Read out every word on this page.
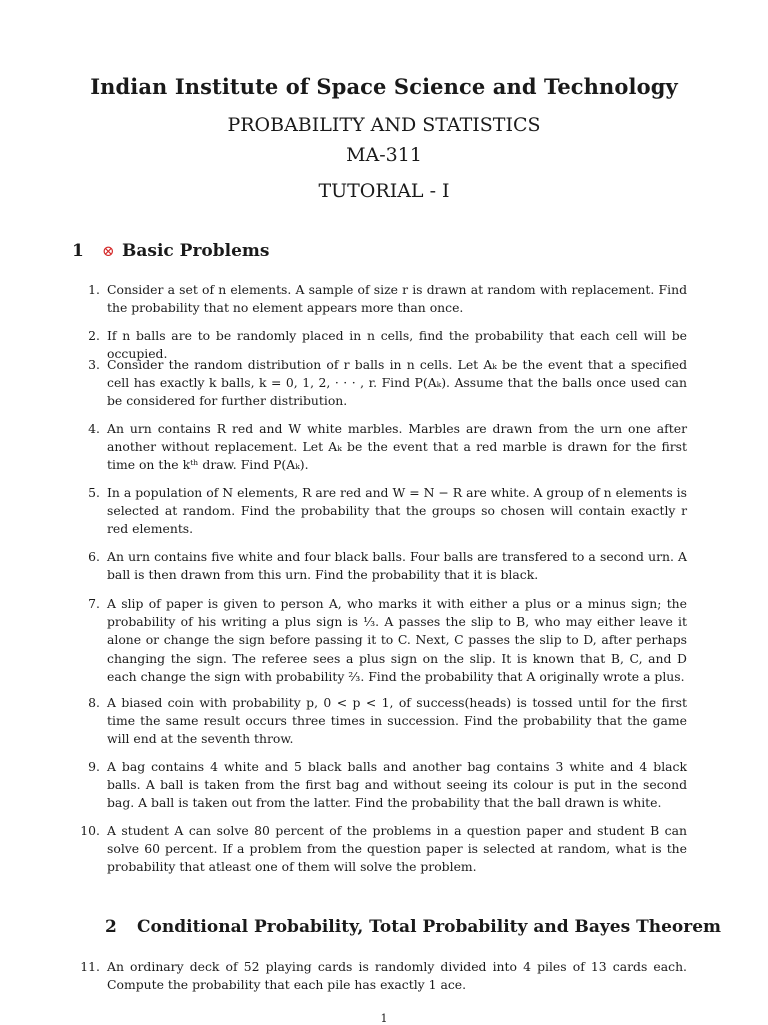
Indian Institute of Space Science and Technology
PROBABILITY AND STATISTICS
MA-311
TUTORIAL - I
1 ⊗ Basic Problems
1. Consider a set of n elements. A sample of size r is drawn at random with replacement. Find the probability that no element appears more than once.
2. If n balls are to be randomly placed in n cells, find the probability that each cell will be occupied.
3. Consider the random distribution of r balls in n cells. Let Aₖ be the event that a specified cell has exactly k balls, k = 0, 1, 2, · · · , r. Find P(Aₖ). Assume that the balls once used can be considered for further distribution.
4. An urn contains R red and W white marbles. Marbles are drawn from the urn one after another without replacement. Let Aₖ be the event that a red marble is drawn for the first time on the kᵗʰ draw. Find P(Aₖ).
5. In a population of N elements, R are red and W = N − R are white. A group of n elements is selected at random. Find the probability that the groups so chosen will contain exactly r red elements.
6. An urn contains five white and four black balls. Four balls are transfered to a second urn. A ball is then drawn from this urn. Find the probability that it is black.
7. A slip of paper is given to person A, who marks it with either a plus or a minus sign; the probability of his writing a plus sign is ⅓. A passes the slip to B, who may either leave it alone or change the sign before passing it to C. Next, C passes the slip to D, after perhaps changing the sign. The referee sees a plus sign on the slip. It is known that B, C, and D each change the sign with probability ⅔. Find the probability that A originally wrote a plus.
8. A biased coin with probability p, 0 < p < 1, of success(heads) is tossed until for the first time the same result occurs three times in succession. Find the probability that the game will end at the seventh throw.
9. A bag contains 4 white and 5 black balls and another bag contains 3 white and 4 black balls. A ball is taken from the first bag and without seeing its colour is put in the second bag. A ball is taken out from the latter. Find the probability that the ball drawn is white.
10. A student A can solve 80 percent of the problems in a question paper and student B can solve 60 percent. If a problem from the question paper is selected at random, what is the probability that atleast one of them will solve the problem.
2 Conditional Probability, Total Probability and Bayes Theorem
11. An ordinary deck of 52 playing cards is randomly divided into 4 piles of 13 cards each. Compute the probability that each pile has exactly 1 ace.
1
